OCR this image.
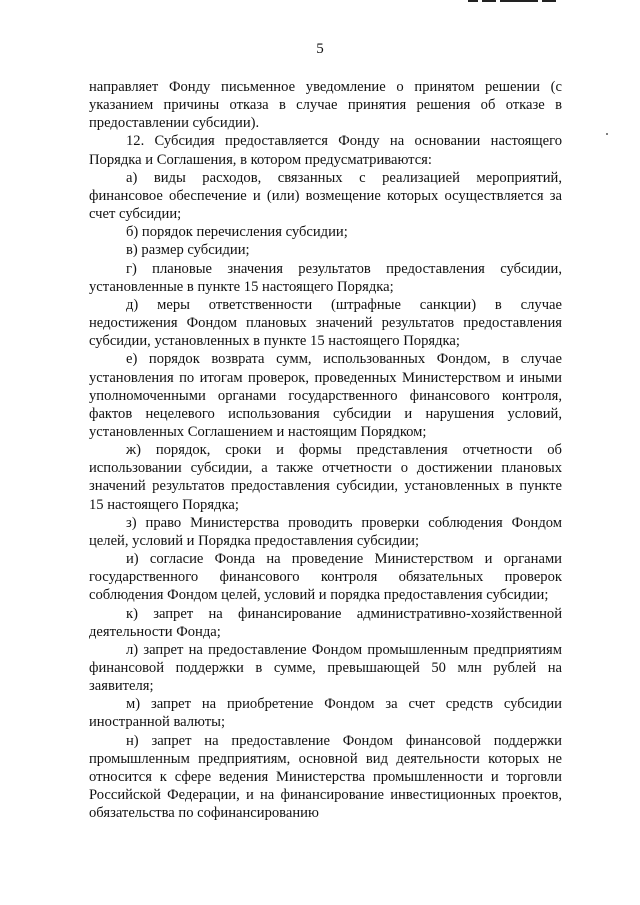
5

направляет Фонду письменное уведомление о принятом решении (с указанием причины отказа в случае принятия решения об отказе в предоставлении субсидии).

12. Субсидия предоставляется Фонду на основании настоящего Порядка и Соглашения, в котором предусматриваются:

а) виды расходов, связанных с реализацией мероприятий, финансовое обеспечение и (или) возмещение которых осуществляется за счет субсидии;

б) порядок перечисления субсидии;

в) размер субсидии;

г) плановые значения результатов предоставления субсидии, установленные в пункте 15 настоящего Порядка;

д) меры ответственности (штрафные санкции) в случае недостижения Фондом плановых значений результатов предоставления субсидии, установленных в пункте 15 настоящего Порядка;

е) порядок возврата сумм, использованных Фондом, в случае установления по итогам проверок, проведенных Министерством и иными уполномоченными органами государственного финансового контроля, фактов нецелевого использования субсидии и нарушения условий, установленных Соглашением и настоящим Порядком;

ж) порядок, сроки и формы представления отчетности об использовании субсидии, а также отчетности о достижении плановых значений результатов предоставления субсидии, установленных в пункте 15 настоящего Порядка;

з) право Министерства проводить проверки соблюдения Фондом целей, условий и Порядка предоставления субсидии;

и) согласие Фонда на проведение Министерством и органами государственного финансового контроля обязательных проверок соблюдения Фондом целей, условий и порядка предоставления субсидии;

к) запрет на финансирование административно-хозяйственной деятельности Фонда;

л) запрет на предоставление Фондом промышленным предприятиям финансовой поддержки в сумме, превышающей 50 млн рублей на заявителя;

м) запрет на приобретение Фондом за счет средств субсидии иностранной валюты;

н) запрет на предоставление Фондом финансовой поддержки промышленным предприятиям, основной вид деятельности которых не относится к сфере ведения Министерства промышленности и торговли Российской Федерации, и на финансирование инвестиционных проектов, обязательства по софинансированию
